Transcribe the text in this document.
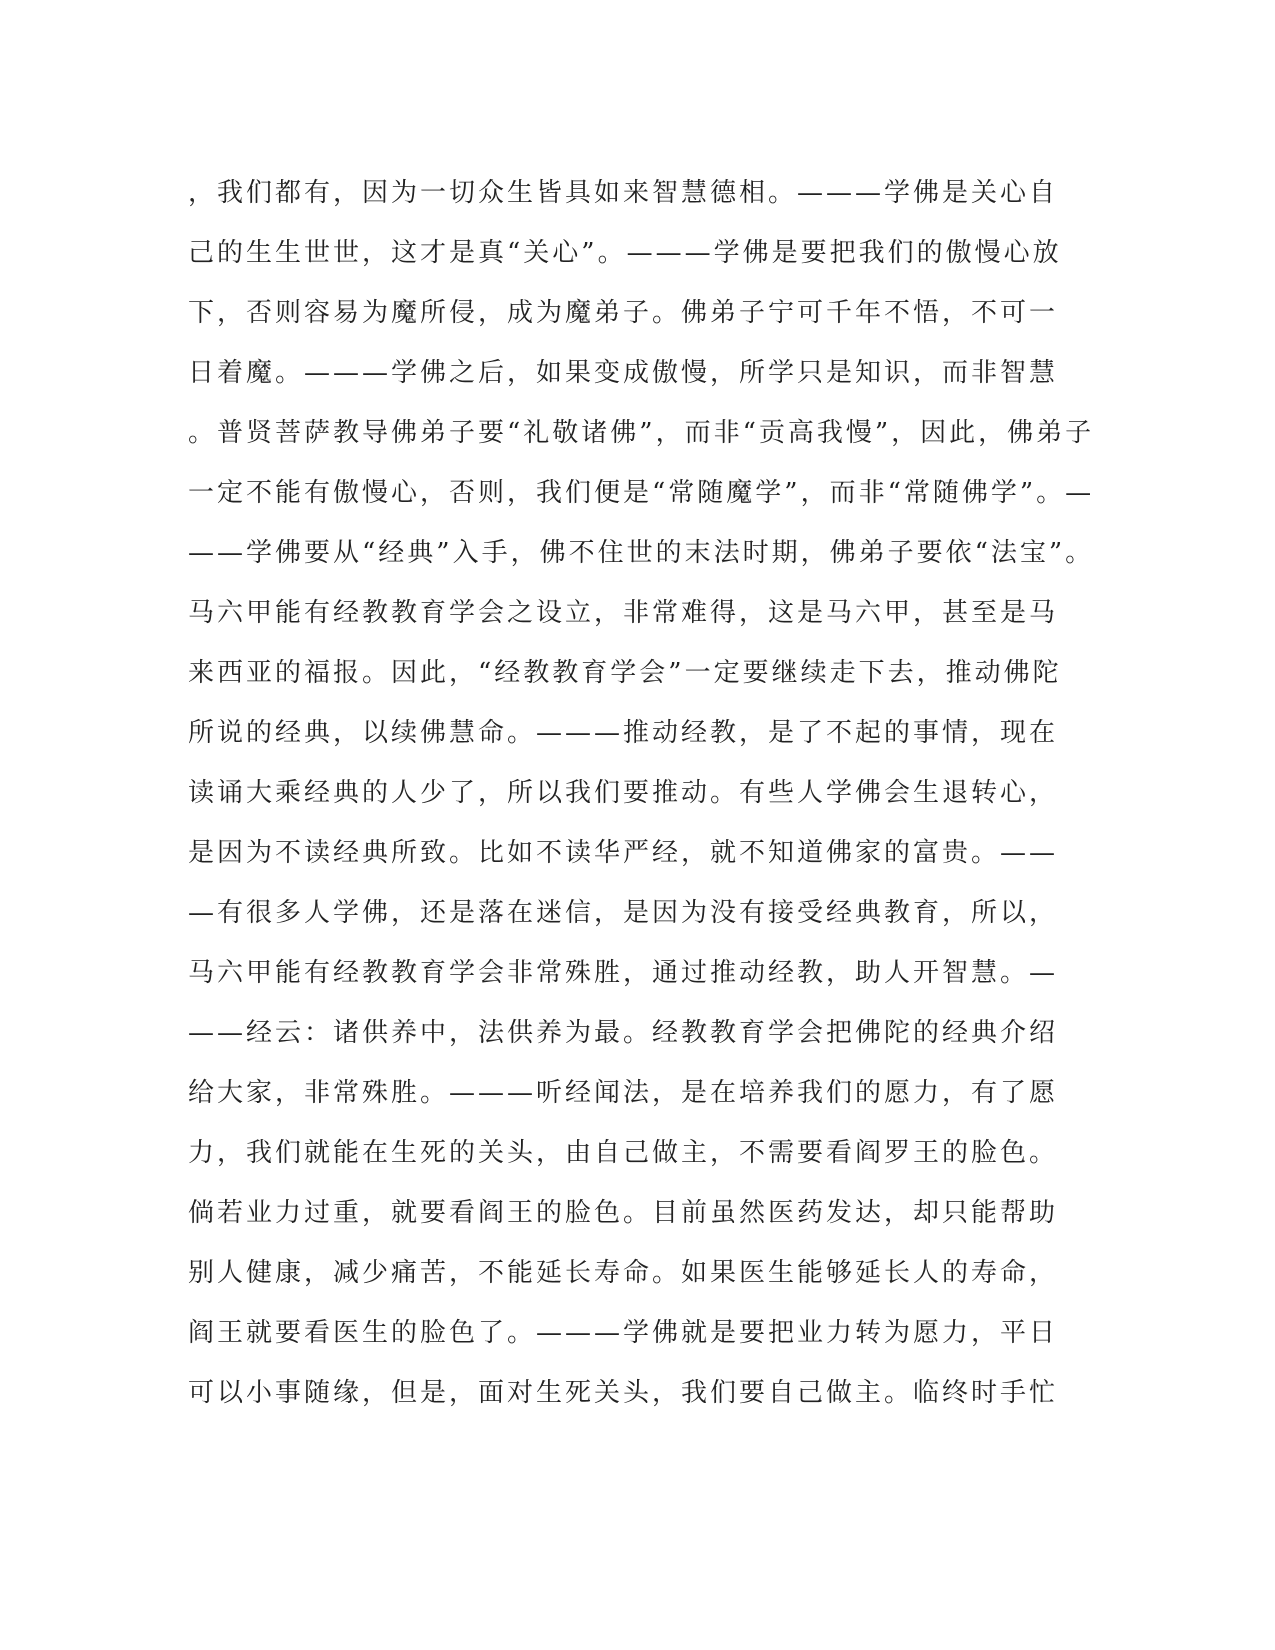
，我们都有，因为一切众生皆具如来智慧德相。———学佛是关心自
己的生生世世，这才是真“关心”。———学佛是要把我们的傲慢心放
下，否则容易为魔所侵，成为魔弟子。佛弟子宁可千年不悟，不可一
日着魔。———学佛之后，如果变成傲慢，所学只是知识，而非智慧
。普贤菩萨教导佛弟子要“礼敬诸佛”，而非“贡高我慢”，因此，佛弟子
一定不能有傲慢心，否则，我们便是“常随魔学”，而非“常随佛学”。—
——学佛要从“经典”入手，佛不住世的末法时期，佛弟子要依“法宝”。
马六甲能有经教教育学会之设立，非常难得，这是马六甲，甚至是马
来西亚的福报。因此，“经教教育学会”一定要继续走下去，推动佛陀
所说的经典，以续佛慧命。———推动经教，是了不起的事情，现在
读诵大乘经典的人少了，所以我们要推动。有些人学佛会生退转心，
是因为不读经典所致。比如不读华严经，就不知道佛家的富贵。——
—有很多人学佛，还是落在迷信，是因为没有接受经典教育，所以，
马六甲能有经教教育学会非常殊胜，通过推动经教，助人开智慧。—
——经云：诸供养中，法供养为最。经教教育学会把佛陀的经典介绍
给大家，非常殊胜。———听经闻法，是在培养我们的愿力，有了愿
力，我们就能在生死的关头，由自己做主，不需要看阎罗王的脸色。
倘若业力过重，就要看阎王的脸色。目前虽然医药发达，却只能帮助
别人健康，减少痛苦，不能延长寿命。如果医生能够延长人的寿命，
阎王就要看医生的脸色了。———学佛就是要把业力转为愿力，平日
可以小事随缘，但是，面对生死关头，我们要自己做主。临终时手忙
